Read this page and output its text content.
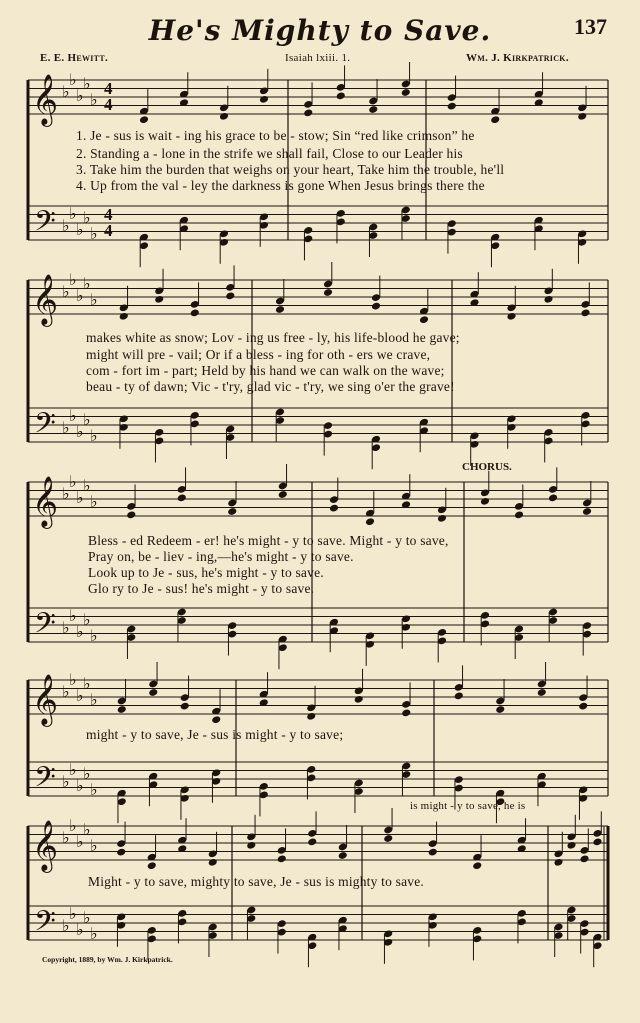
He's Mighty to Save.	137
E. E. Hewitt.	Isaiah lxiii. 1.	Wm. J. Kirkpatrick.
𝄞
𝄢
♭
♭
♭
♭
♭
♭
♭
♭
♭
♭
4
4
4
4
𝄞
𝄢
♭
♭
♭
♭
♭
♭
♭
♭
♭
♭
𝄞
𝄢
♭
♭
♭
♭
♭
♭
♭
♭
♭
♭
𝄞
𝄢
♭
♭
♭
♭
♭
♭
♭
♭
♭
♭
𝄞
𝄢
♭
♭
♭
♭
♭
♭
♭
♭
♭
♭
1. Je - sus is wait - ing his grace to be - stow; Sin “red like crimson” he
2. Standing a - lone in the strife we shall fail, Close to our Leader his
3. Take him the burden that weighs on your heart, Take him the trouble, he'll
4. Up from the val - ley the darkness is gone When Jesus brings there the
makes white as snow; Lov - ing us free - ly, his life-blood he gave;
might will pre - vail; Or if a bless - ing for oth - ers we crave,
com - fort im - part; Held by his hand we can walk on the wave;
beau - ty of dawn; Vic - t'ry, glad vic - t'ry, we sing o'er the grave!
CHORUS.
Bless - ed Redeem - er! he's might - y to save. Might - y to save,
Pray on, be - liev - ing,—he's might - y to save.
Look up to Je - sus, he's might - y to save.
Glo ry to Je - sus! he's might - y to save.
might - y to save, Je - sus is might - y to save;
is might - y to save, he is
Might - y to save, mighty to save, Je - sus is mighty to save.
Copyright, 1889, by Wm. J. Kirkpatrick.
